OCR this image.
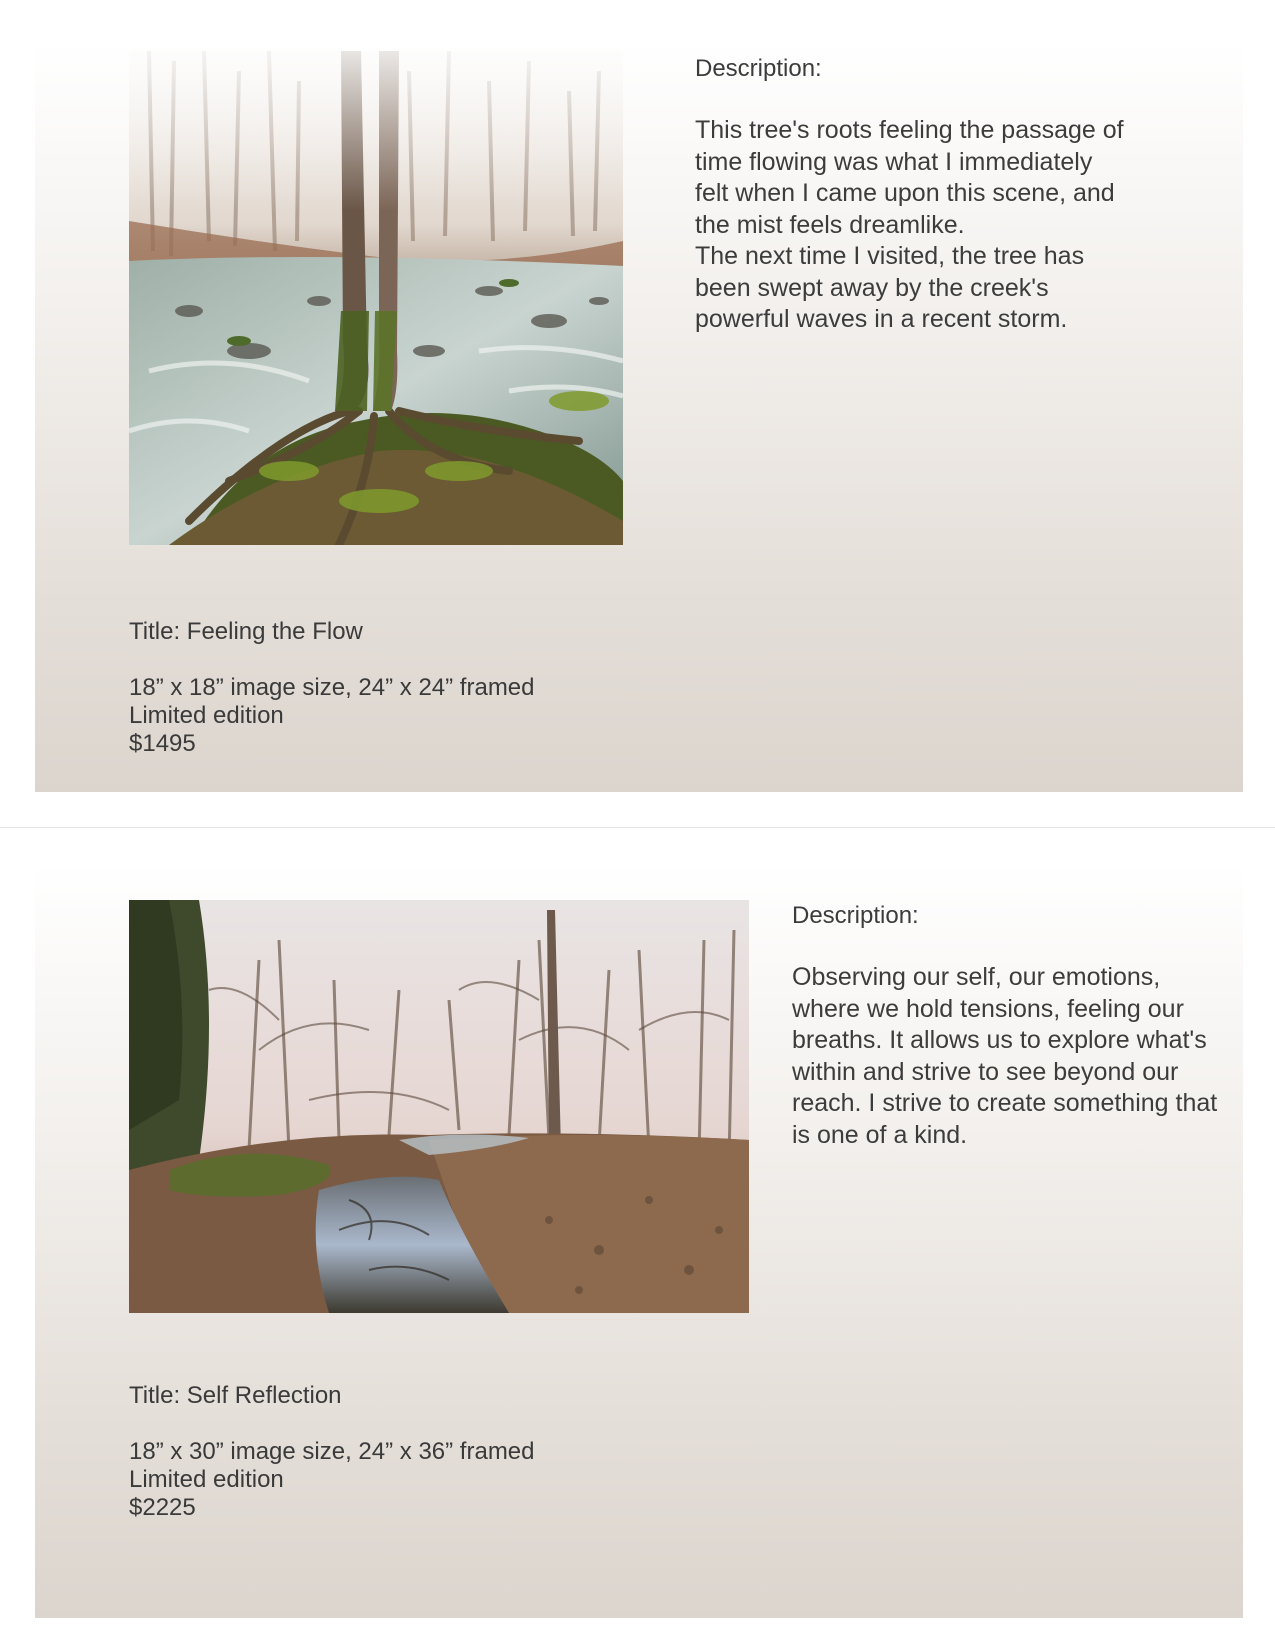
Description:

This tree's roots feeling the passage of time flowing was what I immediately felt when I came upon this scene, and the mist feels dreamlike.

The next time I visited, the tree has been swept away by the creek's powerful waves in a recent storm.

Title: Feeling the Flow
18” x 18” image size, 24” x 24” framed
Limited edition
$1495
Description:

Observing our self, our emotions, where we hold tensions, feeling our breaths. It allows us to explore what's within and strive to see beyond our reach. I strive to create something that is one of a kind.

Title: Self Reflection
18” x 30” image size, 24” x 36” framed
Limited edition
$2225
